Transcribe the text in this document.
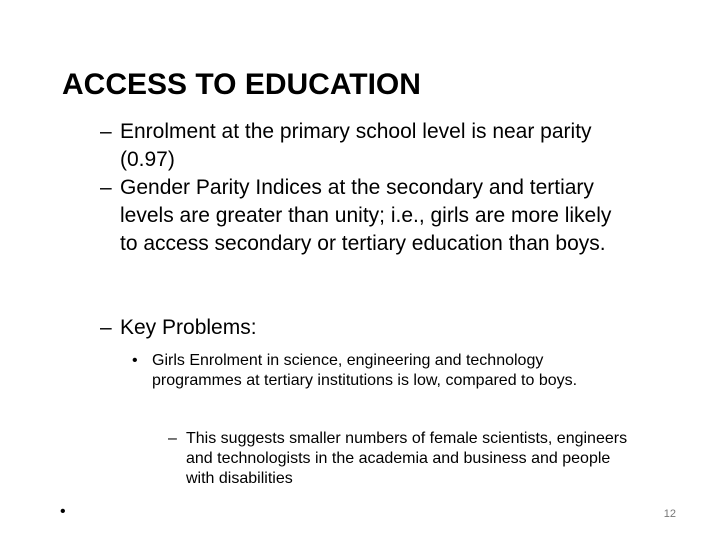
ACCESS TO EDUCATION
– Enrolment at the primary school level is near parity (0.97)
– Gender Parity Indices at the secondary and tertiary levels are greater than unity; i.e., girls are more likely to access secondary or tertiary education than boys.
– Key Problems:
• Girls Enrolment in science, engineering and technology programmes at tertiary institutions is low, compared to boys.
– This suggests smaller numbers of female scientists, engineers and technologists in the academia and business and people with disabilities
•	12
